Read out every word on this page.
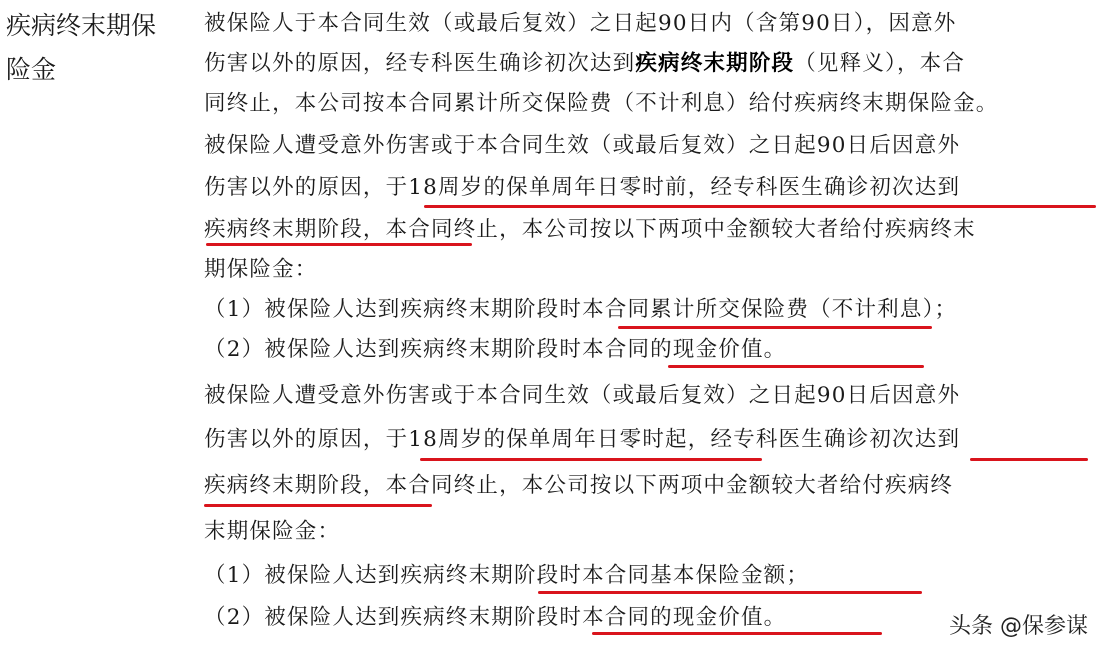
疾病终末期保险金
被保险人于本合同生效（或最后复效）之日起90日内（含第90日），因意外
伤害以外的原因，经专科医生确诊初次达到疾病终末期阶段（见释义），本合
同终止，本公司按本合同累计所交保险费（不计利息）给付疾病终末期保险金。
被保险人遭受意外伤害或于本合同生效（或最后复效）之日起90日后因意外
伤害以外的原因，于18周岁的保单周年日零时前，经专科医生确诊初次达到
疾病终末期阶段，本合同终止，本公司按以下两项中金额较大者给付疾病终末
期保险金：
（1）被保险人达到疾病终末期阶段时本合同累计所交保险费（不计利息）；
（2）被保险人达到疾病终末期阶段时本合同的现金价值。
被保险人遭受意外伤害或于本合同生效（或最后复效）之日起90日后因意外
伤害以外的原因，于18周岁的保单周年日零时起，经专科医生确诊初次达到
疾病终末期阶段，本合同终止，本公司按以下两项中金额较大者给付疾病终
末期保险金：
（1）被保险人达到疾病终末期阶段时本合同基本保险金额；
（2）被保险人达到疾病终末期阶段时本合同的现金价值。	头条 @保参谋
